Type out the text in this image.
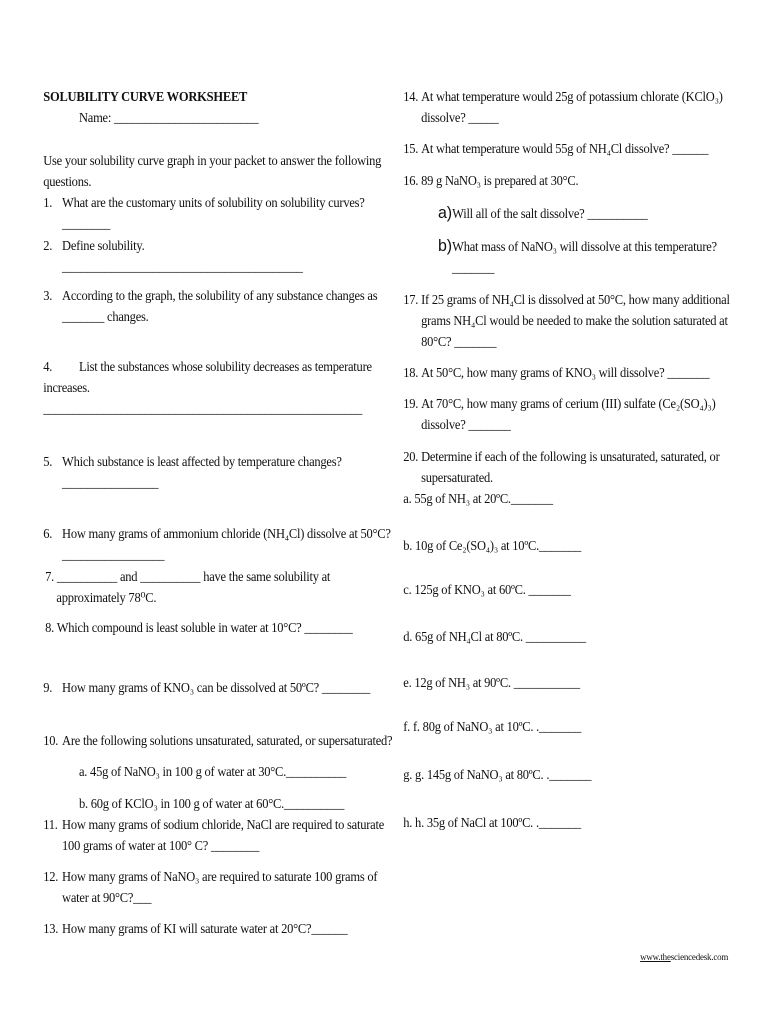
SOLUBILITY CURVE WORKSHEET
Name: ________________________
Use your solubility curve graph in your packet to answer the following
questions.
1. What are the customary units of solubility on solubility curves?
________
2. Define solubility.
________________________________________
3. According to the graph, the solubility of any substance changes as
_______ changes.
4. List the substances whose solubility decreases as temperature
increases.
_____________________________________________________
5. Which substance is least affected by temperature changes?
________________
6. How many grams of ammonium chloride (NH₄Cl) dissolve at 50°C?
_________________
7. __________ and __________ have the same solubility at
approximately 78⁰C.
8. Which compound is least soluble in water at 10°C? ________
9. How many grams of KNO₃ can be dissolved at 50ºC? ________
10. Are the following solutions unsaturated, saturated, or supersaturated?
a. 45g of NaNO₃ in 100 g of water at 30°C.__________
b. 60g of KClO₃ in 100 g of water at 60°C.__________
11. How many grams of sodium chloride, NaCl are required to saturate
100 grams of water at 100° C? ________
12. How many grams of NaNO₃ are required to saturate 100 grams of
water at 90°C?___
13. How many grams of KI will saturate water at 20°C?______
14. At what temperature would 25g of potassium chlorate (KClO₃)
dissolve? _____
15. At what temperature would 55g of NH₄Cl dissolve? ______
16. 89 g NaNO₃ is prepared at 30°C.
a) Will all of the salt dissolve? __________
b) What mass of NaNO₃ will dissolve at this temperature?
_______
17. If 25 grams of NH₄Cl is dissolved at 50°C, how many additional
grams NH₄Cl would be needed to make the solution saturated at
80°C? _______
18. At 50°C, how many grams of KNO₃ will dissolve? _______
19. At 70°C, how many grams of cerium (III) sulfate (Ce₂(SO₄)₃)
dissolve? _______
20. Determine if each of the following is unsaturated, saturated, or
supersaturated.
a. 55g of NH₃ at 20ºC._______
b. 10g of Ce₂(SO₄)₃ at 10ºC._______
c. 125g of KNO₃ at 60ºC. _______
d. 65g of NH₄Cl at 80ºC. __________
e. 12g of NH₃ at 90ºC. ___________
f. f. 80g of NaNO₃ at 10ºC. ._______
g. g. 145g of NaNO₃ at 80ºC. ._______
h. h. 35g of NaCl at 100ºC. ._______
www.thesciencedesk.com
